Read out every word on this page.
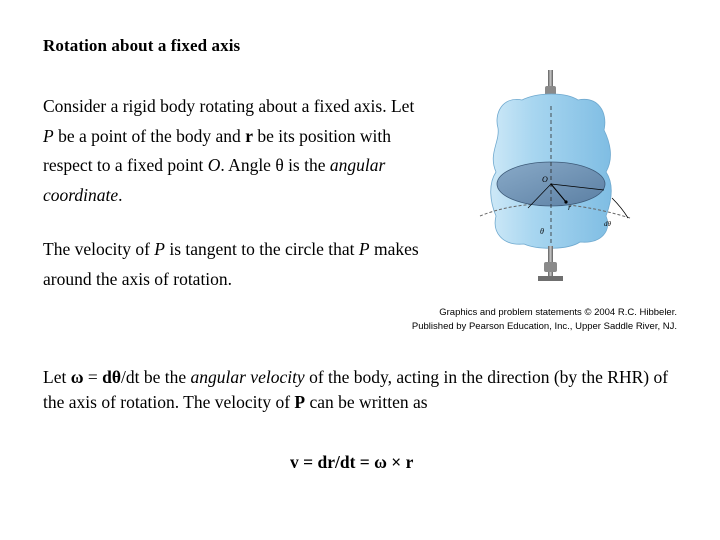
Rotation about a fixed axis
Consider a rigid body rotating about a fixed axis. Let P be a point of the body and r be its position with respect to a fixed point O. Angle θ is the angular coordinate.
The velocity of P is tangent to the circle that P makes around the axis of rotation.
Graphics and problem statements © 2004 R.C. Hibbeler.
Published by Pearson Education, Inc., Upper Saddle River, NJ.
Let ω = dθ/dt be the angular velocity of the body, acting in the direction (by the RHR) of the axis of rotation. The velocity of P can be written as
v = dr/dt = ω × r
O
r
θ
dθ
